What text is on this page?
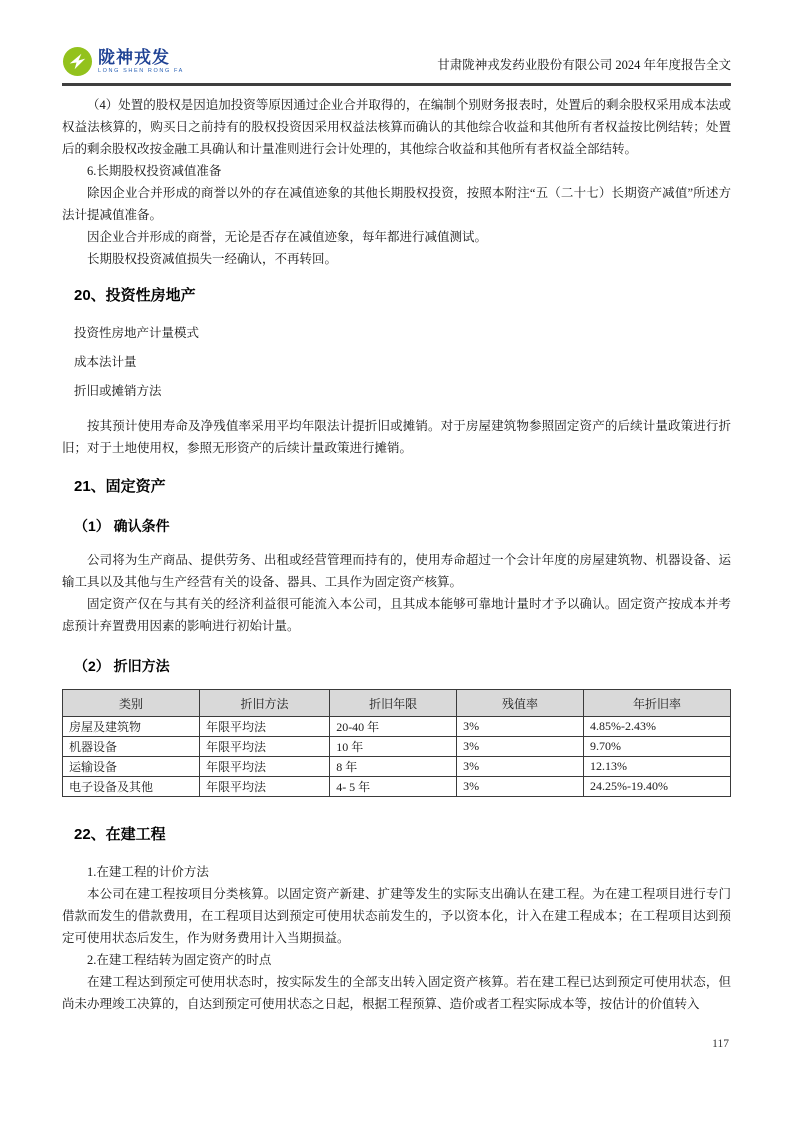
陇神戎发
LONG SHEN RONG FA	甘肃陇神戎发药业股份有限公司 2024 年年度报告全文

（4）处置的股权是因追加投资等原因通过企业合并取得的，在编制个别财务报表时，处置后的剩余股权采用成本法或权益法核算的，购买日之前持有的股权投资因采用权益法核算而确认的其他综合收益和其他所有者权益按比例结转；处置后的剩余股权改按金融工具确认和计量准则进行会计处理的，其他综合收益和其他所有者权益全部结转。

6.长期股权投资减值准备

除因企业合并形成的商誉以外的存在减值迹象的其他长期股权投资，按照本附注“五（二十七）长期资产减值”所述方法计提减值准备。

因企业合并形成的商誉，无论是否存在减值迹象，每年都进行减值测试。

长期股权投资减值损失一经确认，不再转回。

20、投资性房地产

投资性房地产计量模式

成本法计量

折旧或摊销方法

按其预计使用寿命及净残值率采用平均年限法计提折旧或摊销。对于房屋建筑物参照固定资产的后续计量政策进行折旧；对于土地使用权，参照无形资产的后续计量政策进行摊销。

21、固定资产
（1） 确认条件

公司将为生产商品、提供劳务、出租或经营管理而持有的，使用寿命超过一个会计年度的房屋建筑物、机器设备、运输工具以及其他与生产经营有关的设备、器具、工具作为固定资产核算。

固定资产仅在与其有关的经济利益很可能流入本公司，且其成本能够可靠地计量时才予以确认。固定资产按成本并考虑预计弃置费用因素的影响进行初始计量。

（2） 折旧方法
类别	折旧方法	折旧年限	残值率	年折旧率
房屋及建筑物	年限平均法	20-40 年	3%	4.85%-2.43%
机器设备	年限平均法	10 年	3%	9.70%
运输设备	年限平均法	8 年	3%	12.13%
电子设备及其他	年限平均法	4- 5 年	3%	24.25%-19.40%
22、在建工程

1.在建工程的计价方法

本公司在建工程按项目分类核算。以固定资产新建、扩建等发生的实际支出确认在建工程。为在建工程项目进行专门借款而发生的借款费用，在工程项目达到预定可使用状态前发生的，予以资本化，计入在建工程成本；在工程项目达到预定可使用状态后发生，作为财务费用计入当期损益。

2.在建工程结转为固定资产的时点

在建工程达到预定可使用状态时，按实际发生的全部支出转入固定资产核算。若在建工程已达到预定可使用状态，但尚未办理竣工决算的，自达到预定可使用状态之日起，根据工程预算、造价或者工程实际成本等，按估计的价值转入

117
